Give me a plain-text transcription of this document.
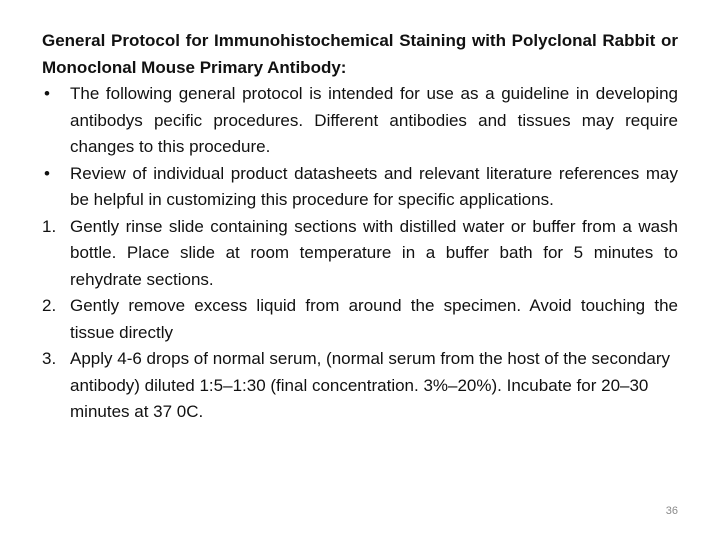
General Protocol for Immunohistochemical Staining with Polyclonal Rabbit or Monoclonal Mouse Primary Antibody:

• The following general protocol is intended for use as a guideline in developing antibodys pecific procedures. Different antibodies and tissues may require changes to this procedure.
• Review of individual product datasheets and relevant literature references may be helpful in customizing this procedure for specific applications.
1. Gently rinse slide containing sections with distilled water or buffer from a wash bottle. Place slide at room temperature in a buffer bath for 5 minutes to rehydrate sections.
2. Gently remove excess liquid from around the specimen. Avoid touching the tissue directly
3. Apply 4-6 drops of normal serum, (normal serum from the host of the secondary antibody) diluted 1:5–1:30 (final concentration. 3%–20%). Incubate for 20–30 minutes at 37 0C.
36
